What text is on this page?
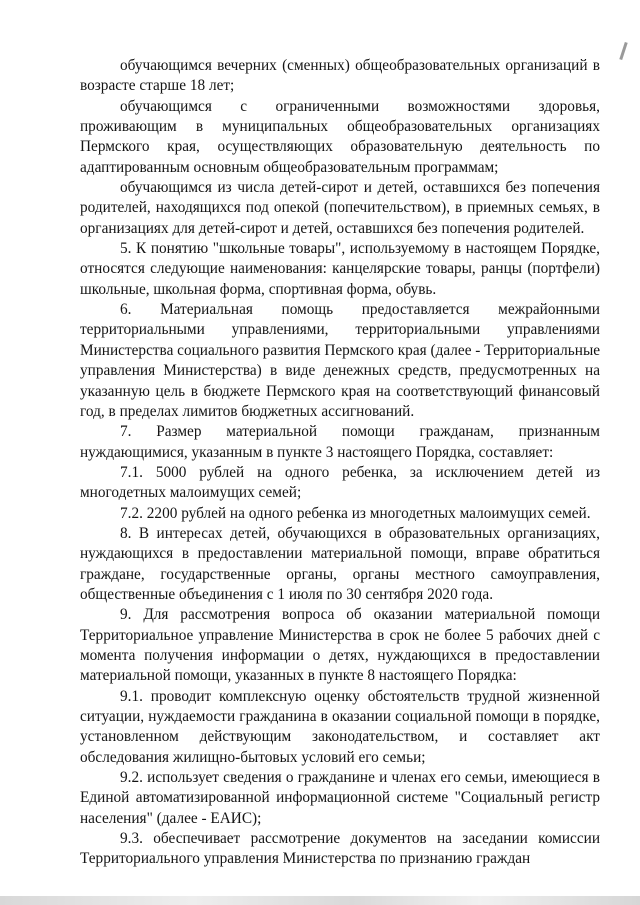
обучающимся вечерних (сменных) общеобразовательных организаций в возрасте старше 18 лет;

обучающимся с ограниченными возможностями здоровья, проживающим в муниципальных общеобразовательных организациях Пермского края, осуществляющих образовательную деятельность по адаптированным основным общеобразовательным программам;

обучающимся из числа детей-сирот и детей, оставшихся без попечения родителей, находящихся под опекой (попечительством), в приемных семьях, в организациях для детей-сирот и детей, оставшихся без попечения родителей.

5. К понятию "школьные товары", используемому в настоящем Порядке, относятся следующие наименования: канцелярские товары, ранцы (портфели) школьные, школьная форма, спортивная форма, обувь.

6. Материальная помощь предоставляется межрайонными территориальными управлениями, территориальными управлениями Министерства социального развития Пермского края (далее - Территориальные управления Министерства) в виде денежных средств, предусмотренных на указанную цель в бюджете Пермского края на соответствующий финансовый год, в пределах лимитов бюджетных ассигнований.

7. Размер материальной помощи гражданам, признанным нуждающимися, указанным в пункте 3 настоящего Порядка, составляет:

7.1. 5000 рублей на одного ребенка, за исключением детей из многодетных малоимущих семей;

7.2. 2200 рублей на одного ребенка из многодетных малоимущих семей.

8. В интересах детей, обучающихся в образовательных организациях, нуждающихся в предоставлении материальной помощи, вправе обратиться граждане, государственные органы, органы местного самоуправления, общественные объединения с 1 июля по 30 сентября 2020 года.

9. Для рассмотрения вопроса об оказании материальной помощи Территориальное управление Министерства в срок не более 5 рабочих дней с момента получения информации о детях, нуждающихся в предоставлении материальной помощи, указанных в пункте 8 настоящего Порядка:

9.1. проводит комплексную оценку обстоятельств трудной жизненной ситуации, нуждаемости гражданина в оказании социальной помощи в порядке, установленном действующим законодательством, и составляет акт обследования жилищно-бытовых условий его семьи;

9.2. использует сведения о гражданине и членах его семьи, имеющиеся в Единой автоматизированной информационной системе "Социальный регистр населения" (далее - ЕАИС);

9.3. обеспечивает рассмотрение документов на заседании комиссии Территориального управления Министерства по признанию граждан
